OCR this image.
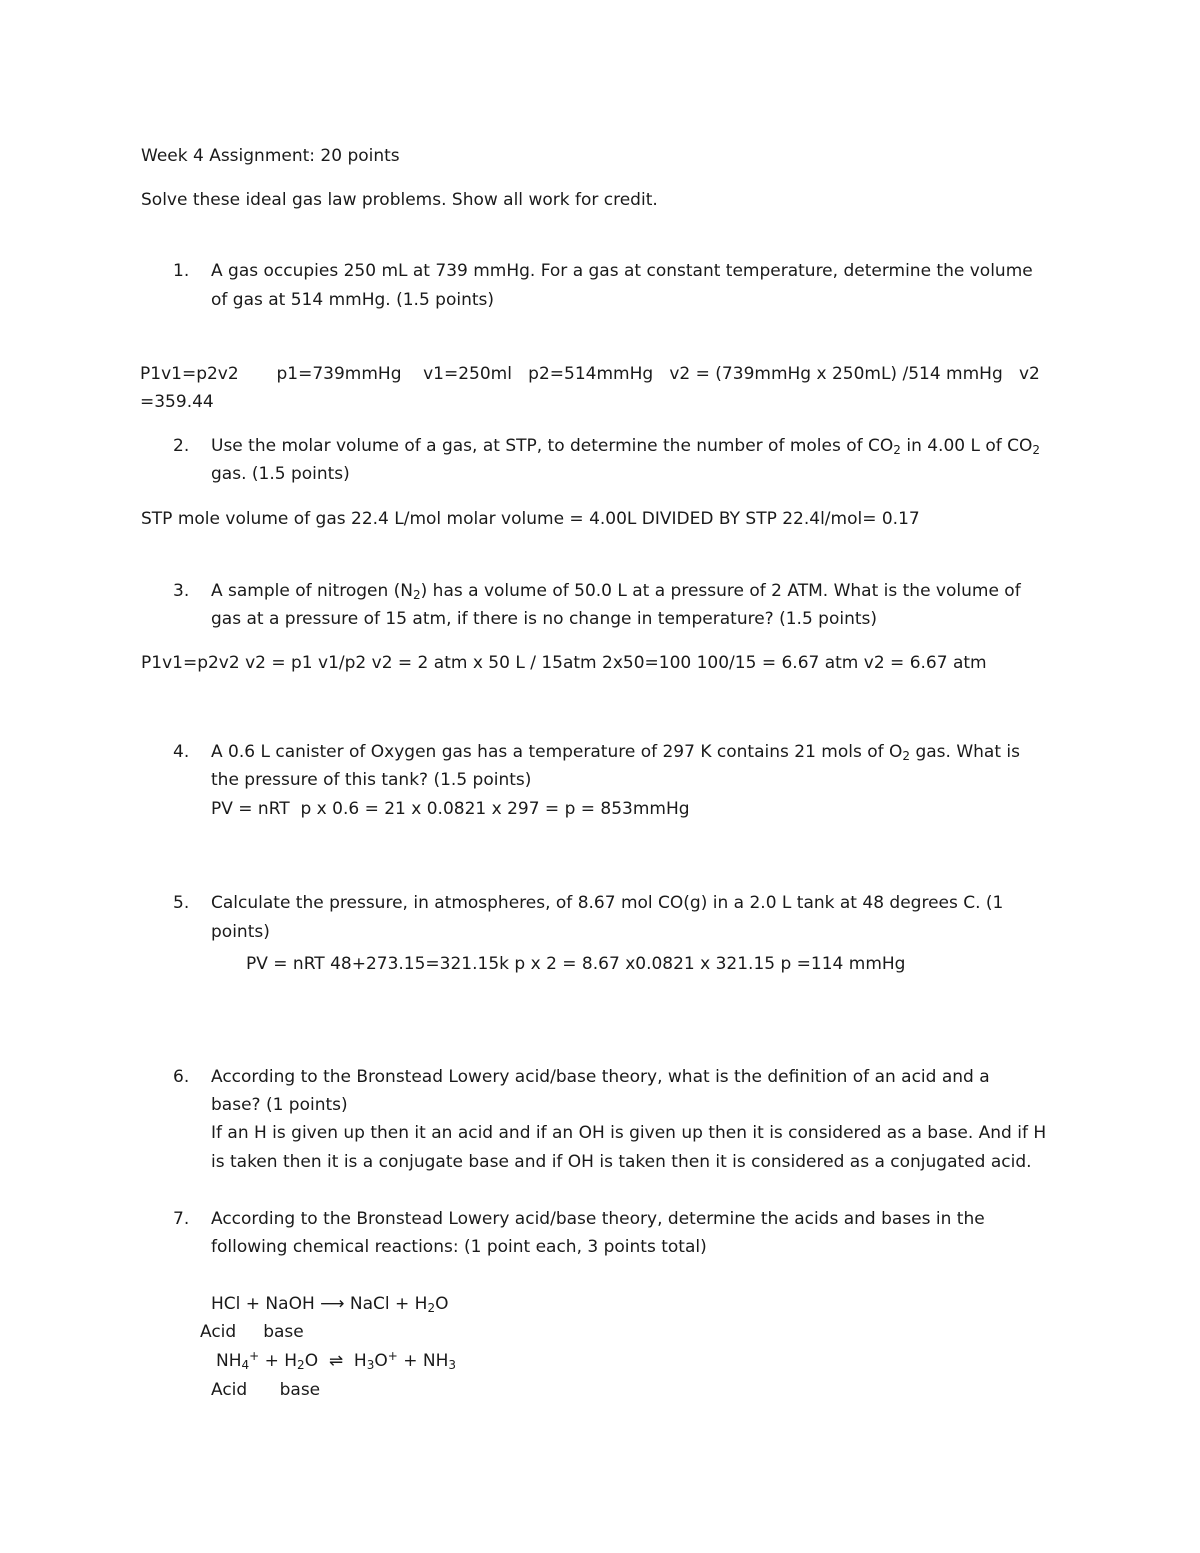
Week 4 Assignment: 20 points
Solve these ideal gas law problems. Show all work for credit.
1. A gas occupies 250 mL at 739 mmHg. For a gas at constant temperature, determine the volume
of gas at 514 mmHg. (1.5 points)
P1v1=p2v2       p1=739mmHg    v1=250ml   p2=514mmHg   v2 = (739mmHg x 250mL) /514 mmHg   v2
=359.44
2. Use the molar volume of a gas, at STP, to determine the number of moles of $CO_2$ in 4.00 L of $CO_2$
gas. (1.5 points)
STP mole volume of gas 22.4 L/mol molar volume = 4.00L DIVIDED BY STP 22.4l/mol= 0.17
3. A sample of nitrogen $(N_2)$ has a volume of 50.0 L at a pressure of 2 ATM. What is the volume of
gas at a pressure of 15 atm, if there is no change in temperature? (1.5 points)
P1v1=p2v2 v2 = p1 v1/p2 v2 = 2 atm x 50 L / 15atm 2x50=100 100/15 = 6.67 atm v2 = 6.67 atm
4. A 0.6 L canister of Oxygen gas has a temperature of 297 K contains 21 mols of $O_2$ gas. What is
the pressure of this tank? (1.5 points)
PV = nRT  p x 0.6 = 21 x 0.0821 x 297 = p = 853mmHg
5. Calculate the pressure, in atmospheres, of 8.67 mol CO(g) in a 2.0 L tank at 48 degrees C. (1
points)
PV = nRT 48+273.15=321.15k p x 2 = 8.67 x0.0821 x 321.15 p =114 mmHg
6. According to the Bronstead Lowery acid/base theory, what is the definition of an acid and a
base? (1 points)
If an H is given up then it an acid and if an OH is given up then it is considered as a base. And if H
is taken then it is a conjugate base and if OH is taken then it is considered as a conjugated acid.
7. According to the Bronstead Lowery acid/base theory, determine the acids and bases in the
following chemical reactions: (1 point each, 3 points total)
HCl + NaOH ⟶ NaCl + $H_2O$
Acid     base
$NH_4^+ + H_2O$  ⇌  $H_3O^+ + NH_3$
Acid      base
